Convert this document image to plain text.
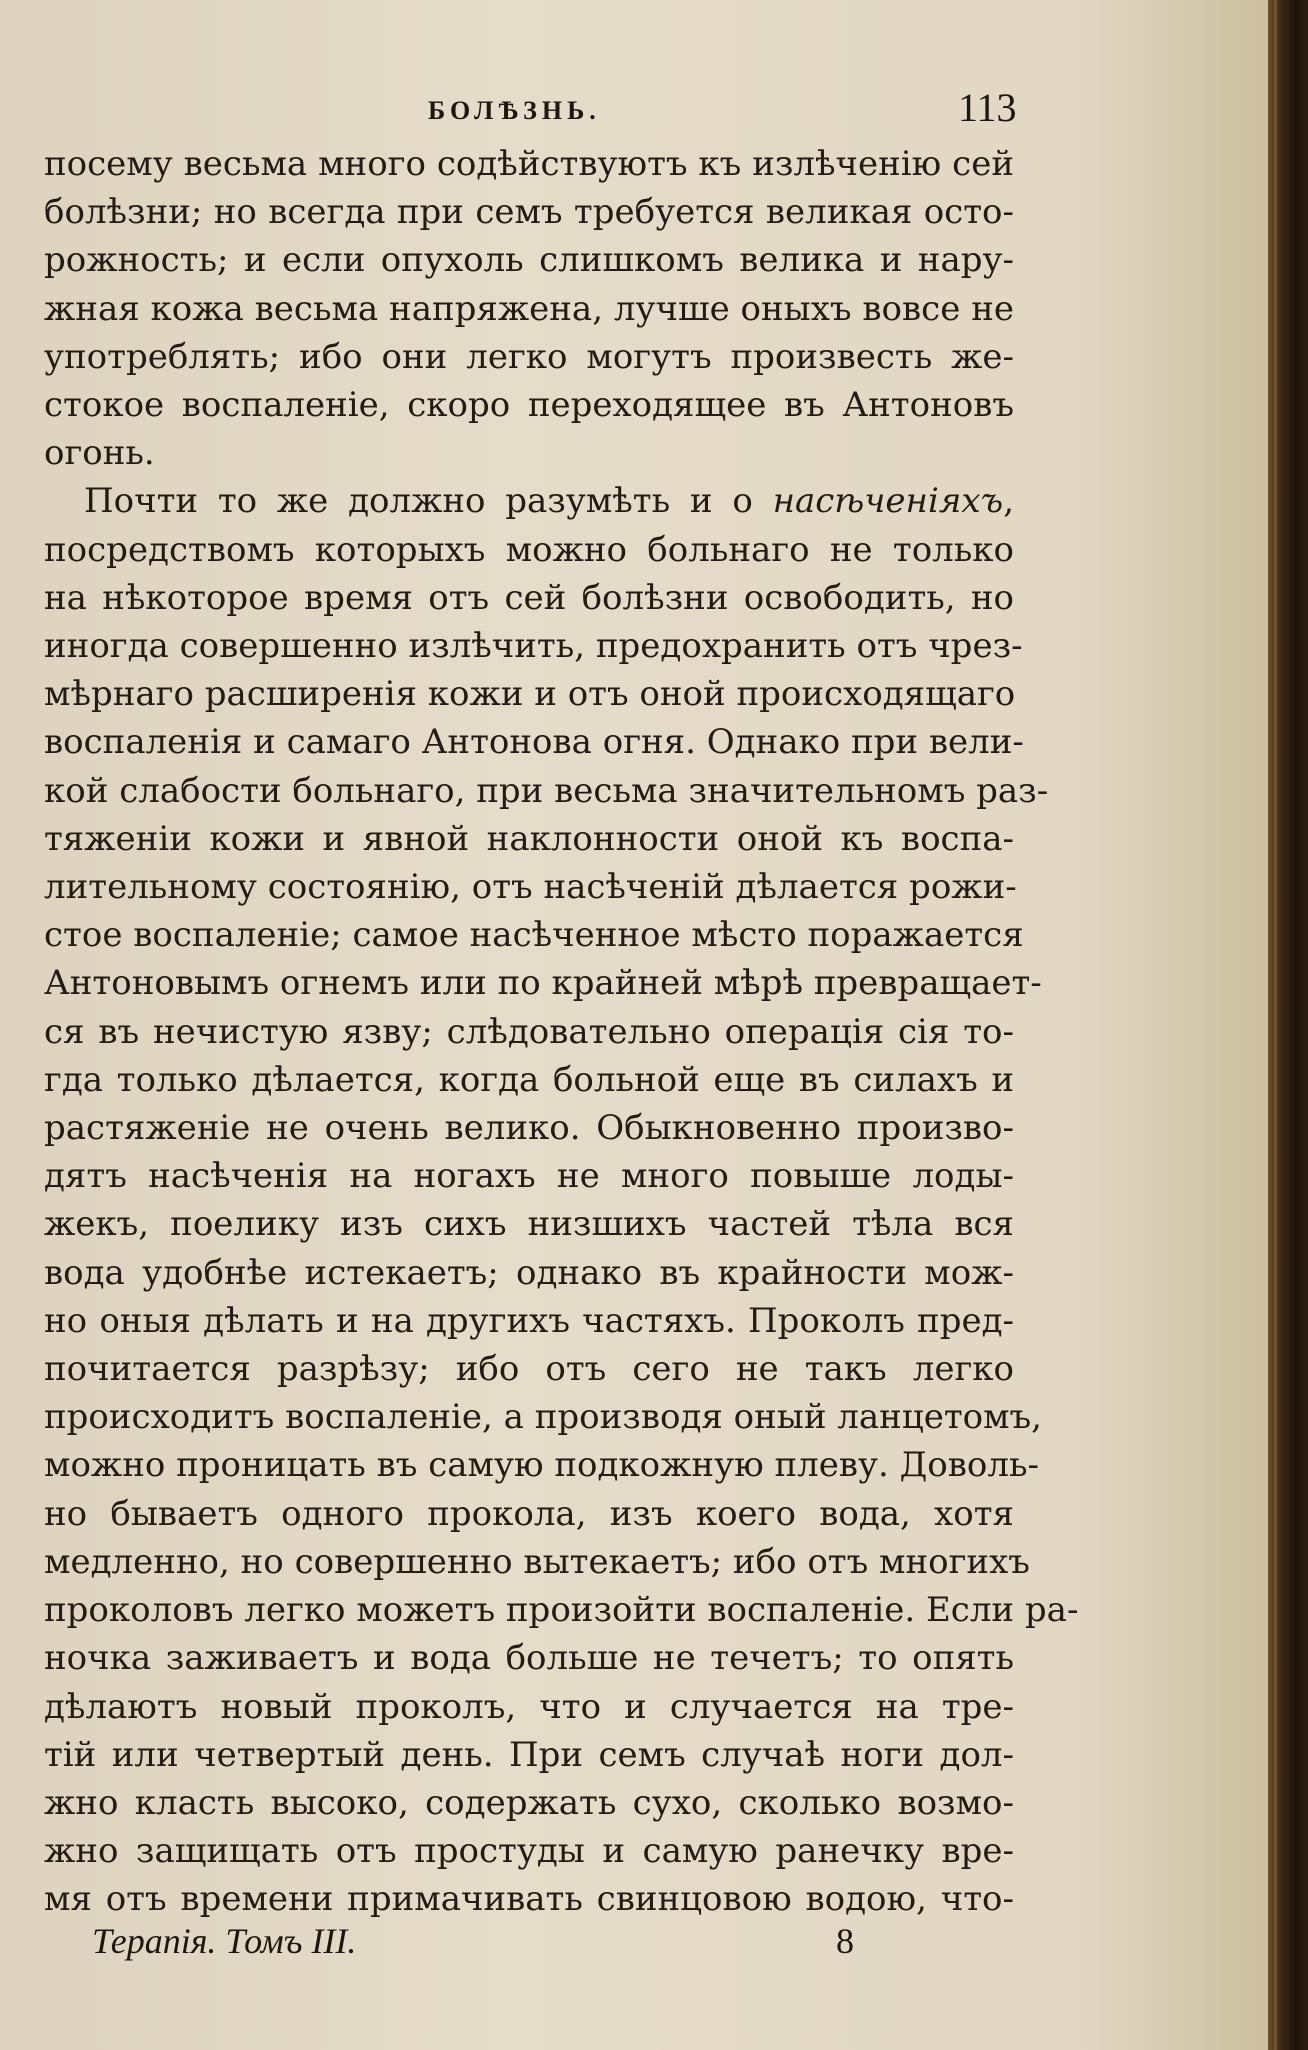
БОЛѢЗНЬ.	113
посему весьма много содѣйствуютъ къ излѣченію сей
болѣзни; но всегда при семъ требуется великая осто-
рожность; и если опухоль слишкомъ велика и нару-
жная кожа весьма напряжена, лучше оныхъ вовсе не
употреблять; ибо они легко могутъ произвесть же-
стокое воспаленіе, скоро переходящее въ Антоновъ
огонь.
Почти то же должно разумѣть и о насѣченіяхъ,
посредствомъ которыхъ можно больнаго не только
на нѣкоторое время отъ сей болѣзни освободить, но
иногда совершенно излѣчить, предохранить отъ чрез-
мѣрнаго расширенія кожи и отъ оной происходящаго
воспаленія и самаго Антонова огня. Однако при вели-
кой слабости больнаго, при весьма значительномъ раз-
тяженіи кожи и явной наклонности оной къ воспа-
лительному состоянію, отъ насѣченій дѣлается рожи-
стое воспаленіе; самое насѣченное мѣсто поражается
Антоновымъ огнемъ или по крайней мѣрѣ превращает-
ся въ нечистую язву; слѣдовательно операція сія то-
гда только дѣлается, когда больной еще въ силахъ и
растяженіе не очень велико. Обыкновенно произво-
дятъ насѣченія на ногахъ не много повыше лоды-
жекъ, поелику изъ сихъ низшихъ частей тѣла вся
вода удобнѣе истекаетъ; однако въ крайности мож-
но оныя дѣлать и на другихъ частяхъ. Проколъ пред-
почитается разрѣзу; ибо отъ сего не такъ легко
происходитъ воспаленіе, а производя оный ланцетомъ,
можно проницать въ самую подкожную плеву. Доволь-
но бываетъ одного прокола, изъ коего вода, хотя
медленно, но совершенно вытекаетъ; ибо отъ многихъ
проколовъ легко можетъ произойти воспаленіе. Если ра-
ночка заживаетъ и вода больше не течетъ; то опять
дѣлаютъ новый проколъ, что и случается на тре-
тій или четвертый день. При семъ случаѣ ноги дол-
жно класть высоко, содержать сухо, сколько возмо-
жно защищать отъ простуды и самую ранечку вре-
мя отъ времени примачивать свинцовою водою, что-
Терапія. Томъ III.	8
